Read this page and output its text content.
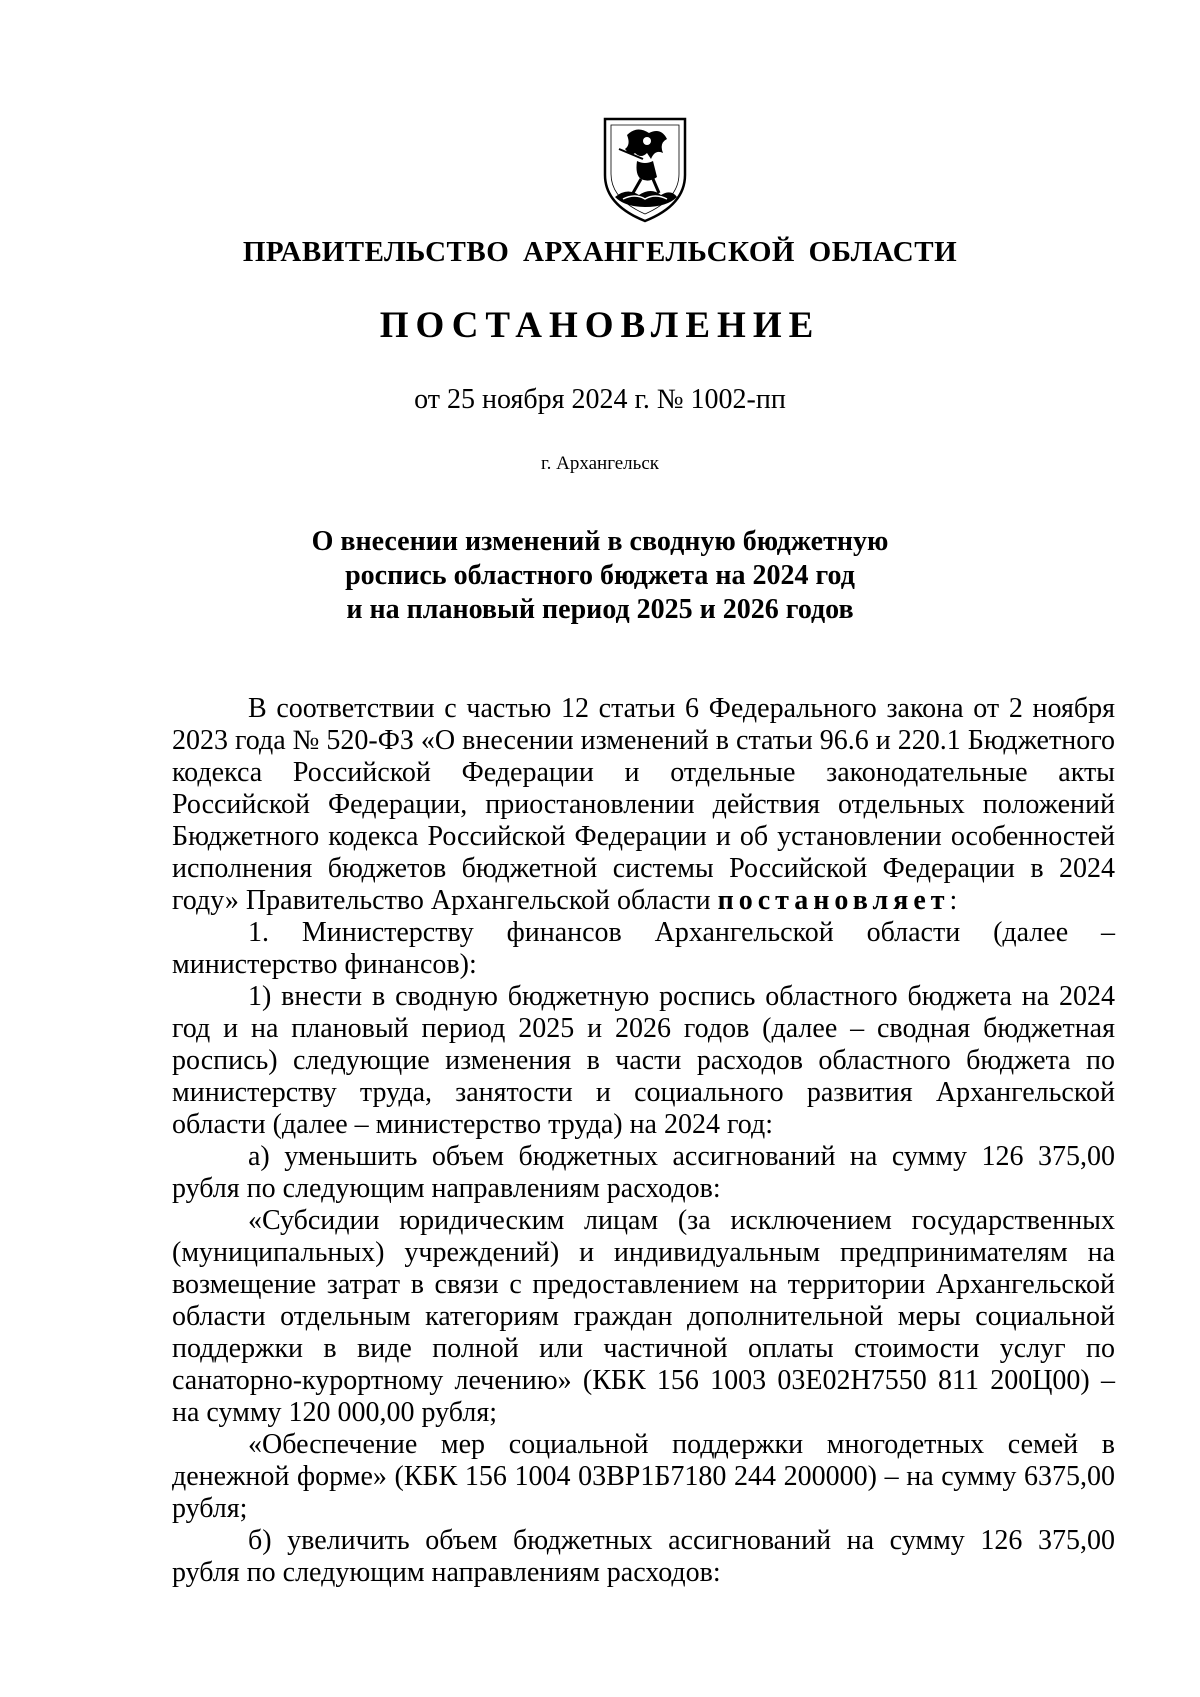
ПРАВИТЕЛЬСТВО АРХАНГЕЛЬСКОЙ ОБЛАСТИ
ПОСТАНОВЛЕНИЕ
от 25 ноября 2024 г. № 1002-пп
г. Архангельск
О внесении изменений в сводную бюджетную
роспись областного бюджета на 2024 год
и на плановый период 2025 и 2026 годов

В соответствии с частью 12 статьи 6 Федерального закона от 2 ноября 2023 года № 520-ФЗ «О внесении изменений в статьи 96.6 и 220.1 Бюджетного кодекса Российской Федерации и отдельные законодательные акты Российской Федерации, приостановлении действия отдельных положений Бюджетного кодекса Российской Федерации и об установлении особенностей исполнения бюджетов бюджетной системы Российской Федерации в 2024 году» Правительство Архангельской области постановляет:

1. Министерству финансов Архангельской области (далее – министерство финансов):

1) внести в сводную бюджетную роспись областного бюджета на 2024 год и на плановый период 2025 и 2026 годов (далее – сводная бюджетная роспись) следующие изменения в части расходов областного бюджета по министерству труда, занятости и социального развития Архангельской области (далее – министерство труда) на 2024 год:

а) уменьшить объем бюджетных ассигнований на сумму 126 375,00 рубля по следующим направлениям расходов:

«Субсидии юридическим лицам (за исключением государственных (муниципальных) учреждений) и индивидуальным предпринимателям на возмещение затрат в связи с предоставлением на территории Архангельской области отдельным категориям граждан дополнительной меры социальной поддержки в виде полной или частичной оплаты стоимости услуг по санаторно-курортному лечению» (КБК 156 1003 03Е02Н7550 811 200Ц00) – на сумму 120 000,00 рубля;

«Обеспечение мер социальной поддержки многодетных семей в денежной форме» (КБК 156 1004 03ВР1Б7180 244 200000) – на сумму 6375,00 рубля;

б) увеличить объем бюджетных ассигнований на сумму 126 375,00 рубля по следующим направлениям расходов:
